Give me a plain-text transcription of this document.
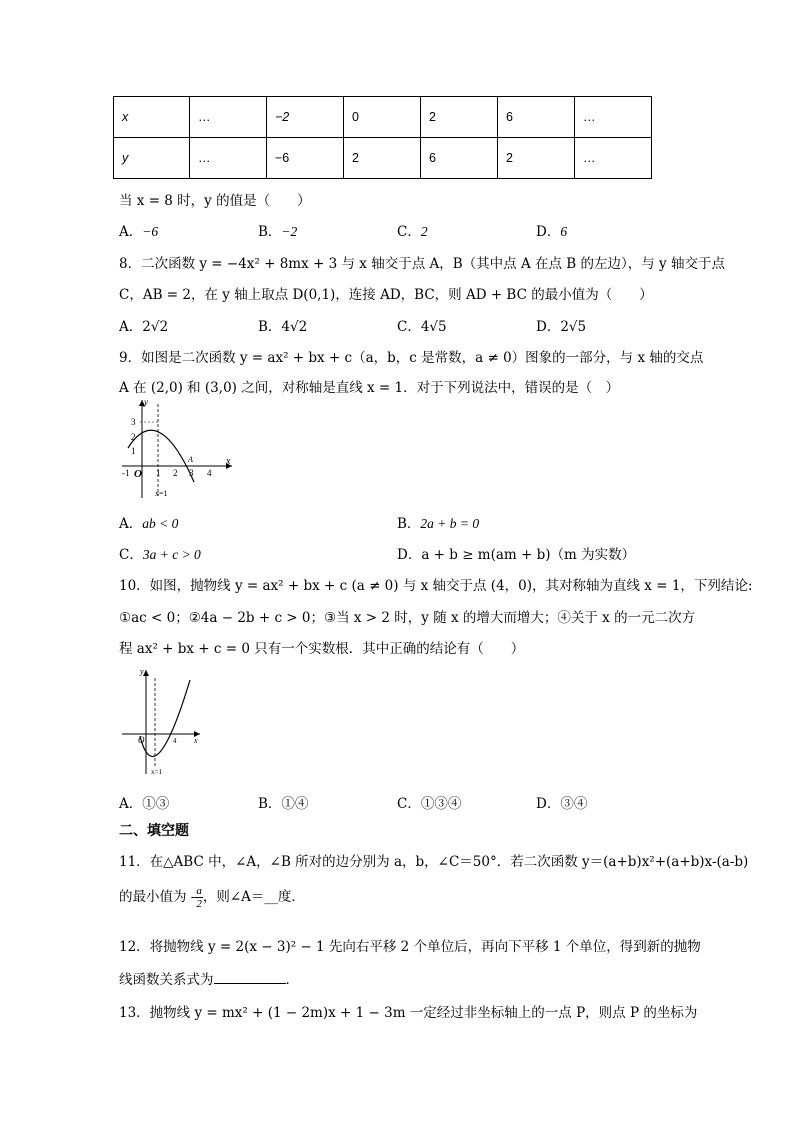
x	…	−2	0	2	6	…
y	…	−6	2	6	2	…
当 x = 8 时，y 的值是（　　）
A．−6	B．−2	C．2	D．6
8．二次函数 y = −4x² + 8mx + 3 与 x 轴交于点 A，B（其中点 A 在点 B 的左边），与 y 轴交于点
C，AB = 2，在 y 轴上取点 D(0,1)，连接 AD，BC，则 AD + BC 的最小值为（　　）
A．2√2	B．4√2	C．4√5	D．2√5
9．如图是二次函数 y = ax² + bx + c（a，b，c 是常数，a ≠ 0）图象的一部分，与 x 轴的交点
A 在 (2,0) 和 (3,0) 之间，对称轴是直线 x = 1．对于下列说法中，错误的是（　）
y
x
3
2
1
-1 O 1 2 3 4
A
x=1
A．ab < 0	B．2a + b = 0
C．3a + c > 0	D．a + b ≥ m(am + b)（m 为实数）
10．如图，抛物线 y = ax² + bx + c (a ≠ 0) 与 x 轴交于点 (4，0)，其对称轴为直线 x = 1，下列结论:
①ac < 0；②4a − 2b + c > 0；③当 x > 2 时，y 随 x 的增大而增大；④关于 x 的一元二次方
程 ax² + bx + c = 0 只有一个实数根．其中正确的结论有（　　）
y
x
O	4
x=1
A．①③	B．①④	C．①③④	D．③④
二、填空题
11．在△ABC 中，∠A，∠B 所对的边分别为 a，b，∠C＝50°．若二次函数 y＝(a+b)x²+(a+b)x-(a-b)
的最小值为 - $\frac{a}{2}$ ，则∠A＝__度．
12．将抛物线 y = 2(x − 3)² − 1 先向右平移 2 个单位后，再向下平移 1 个单位，得到新的抛物
线函数关系式为	．
13．抛物线 y = mx² + (1 − 2m)x + 1 − 3m 一定经过非坐标轴上的一点 P，则点 P 的坐标为
